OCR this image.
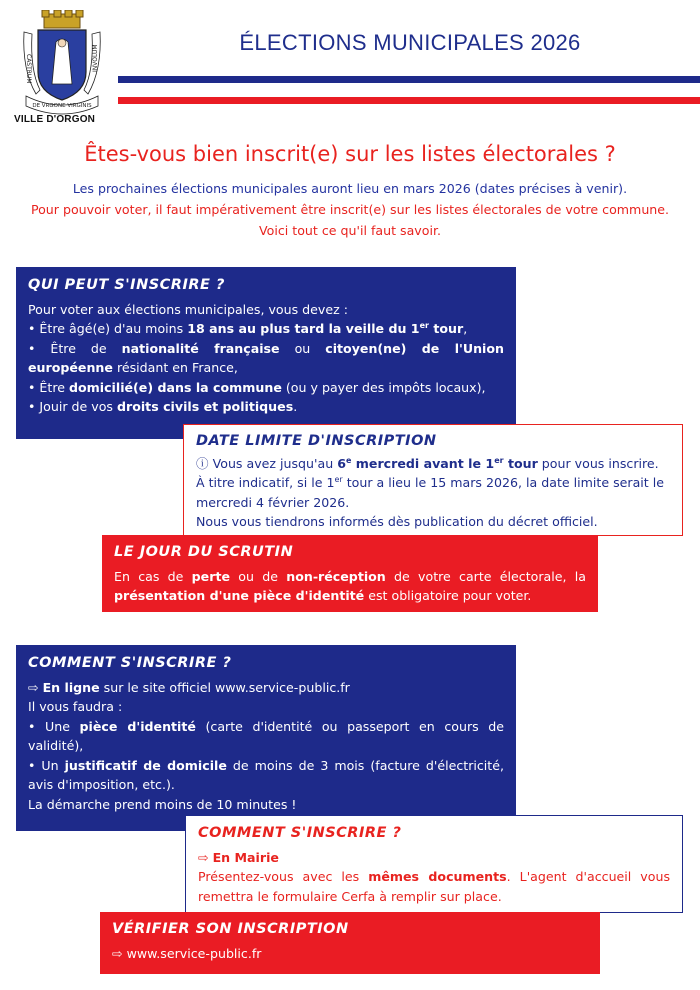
CASTRUM	INVOLUM
DE VRGONE VIRGINIS
VILLE D'ORGON
ÉLECTIONS MUNICIPALES 2026
Êtes-vous bien inscrit(e) sur les listes électorales ?
Les prochaines élections municipales auront lieu en mars 2026 (dates précises à venir).
Pour pouvoir voter, il faut impérativement être inscrit(e) sur les listes électorales de votre commune. Voici tout ce qu'il faut savoir.
QUI PEUT S'INSCRIRE ?

Pour voter aux élections municipales, vous devez :

• Être âgé(e) d'au moins 18 ans au plus tard la veille du 1er tour,

• Être de nationalité française ou citoyen(ne) de l'Union européenne résidant en France,

• Être domicilié(e) dans la commune (ou y payer des impôts locaux),

• Jouir de vos droits civils et politiques.

DATE LIMITE D'INSCRIPTION

ⓘ Vous avez jusqu'au 6e mercredi avant le 1er tour pour vous inscrire.

À titre indicatif, si le 1er tour a lieu le 15 mars 2026, la date limite serait le mercredi 4 février 2026.

Nous vous tiendrons informés dès publication du décret officiel.

LE JOUR DU SCRUTIN

En cas de perte ou de non-réception de votre carte électorale, la présentation d'une pièce d'identité est obligatoire pour voter.

COMMENT S'INSCRIRE ?

⇨ En ligne sur le site officiel www.service-public.fr

Il vous faudra :

• Une pièce d'identité (carte d'identité ou passeport en cours de validité),

• Un justificatif de domicile de moins de 3 mois (facture d'électricité, avis d'imposition, etc.).

La démarche prend moins de 10 minutes !

COMMENT S'INSCRIRE ?

⇨ En Mairie

Présentez-vous avec les mêmes documents. L'agent d'accueil vous remettra le formulaire Cerfa à remplir sur place.

VÉRIFIER SON INSCRIPTION

⇨ www.service-public.fr
